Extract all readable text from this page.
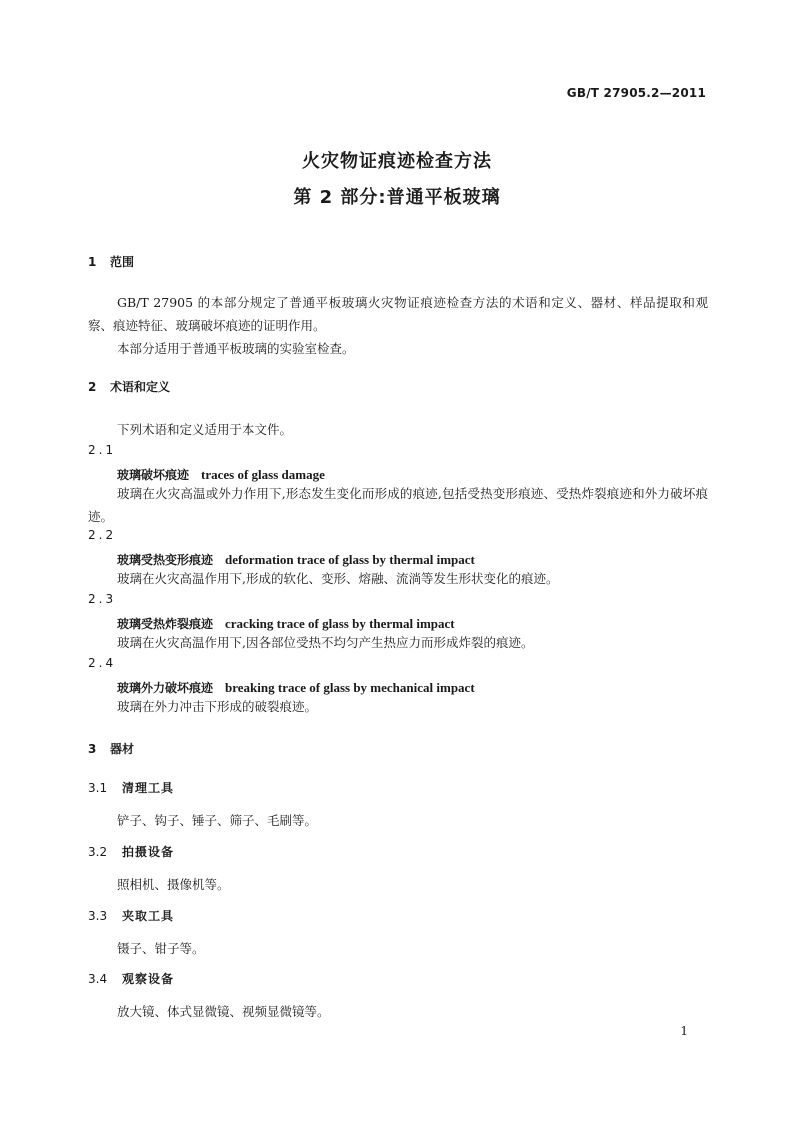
GB/T 27905.2—2011
火灾物证痕迹检查方法
第 2 部分:普通平板玻璃
1 范围
GB/T 27905 的本部分规定了普通平板玻璃火灾物证痕迹检查方法的术语和定义、器材、样品提取和观察、痕迹特征、玻璃破坏痕迹的证明作用。
本部分适用于普通平板玻璃的实验室检查。
2 术语和定义
下列术语和定义适用于本文件。
2.1
玻璃破坏痕迹 traces of glass damage
玻璃在火灾高温或外力作用下,形态发生变化而形成的痕迹,包括受热变形痕迹、受热炸裂痕迹和外力破坏痕迹。
2.2
玻璃受热变形痕迹 deformation trace of glass by thermal impact
玻璃在火灾高温作用下,形成的软化、变形、熔融、流淌等发生形状变化的痕迹。
2.3
玻璃受热炸裂痕迹 cracking trace of glass by thermal impact
玻璃在火灾高温作用下,因各部位受热不均匀产生热应力而形成炸裂的痕迹。
2.4
玻璃外力破坏痕迹 breaking trace of glass by mechanical impact
玻璃在外力冲击下形成的破裂痕迹。
3 器材
3.1 清理工具
铲子、钩子、锤子、筛子、毛刷等。
3.2 拍摄设备
照相机、摄像机等。
3.3 夹取工具
镊子、钳子等。
3.4 观察设备
放大镜、体式显微镜、视频显微镜等。
1
